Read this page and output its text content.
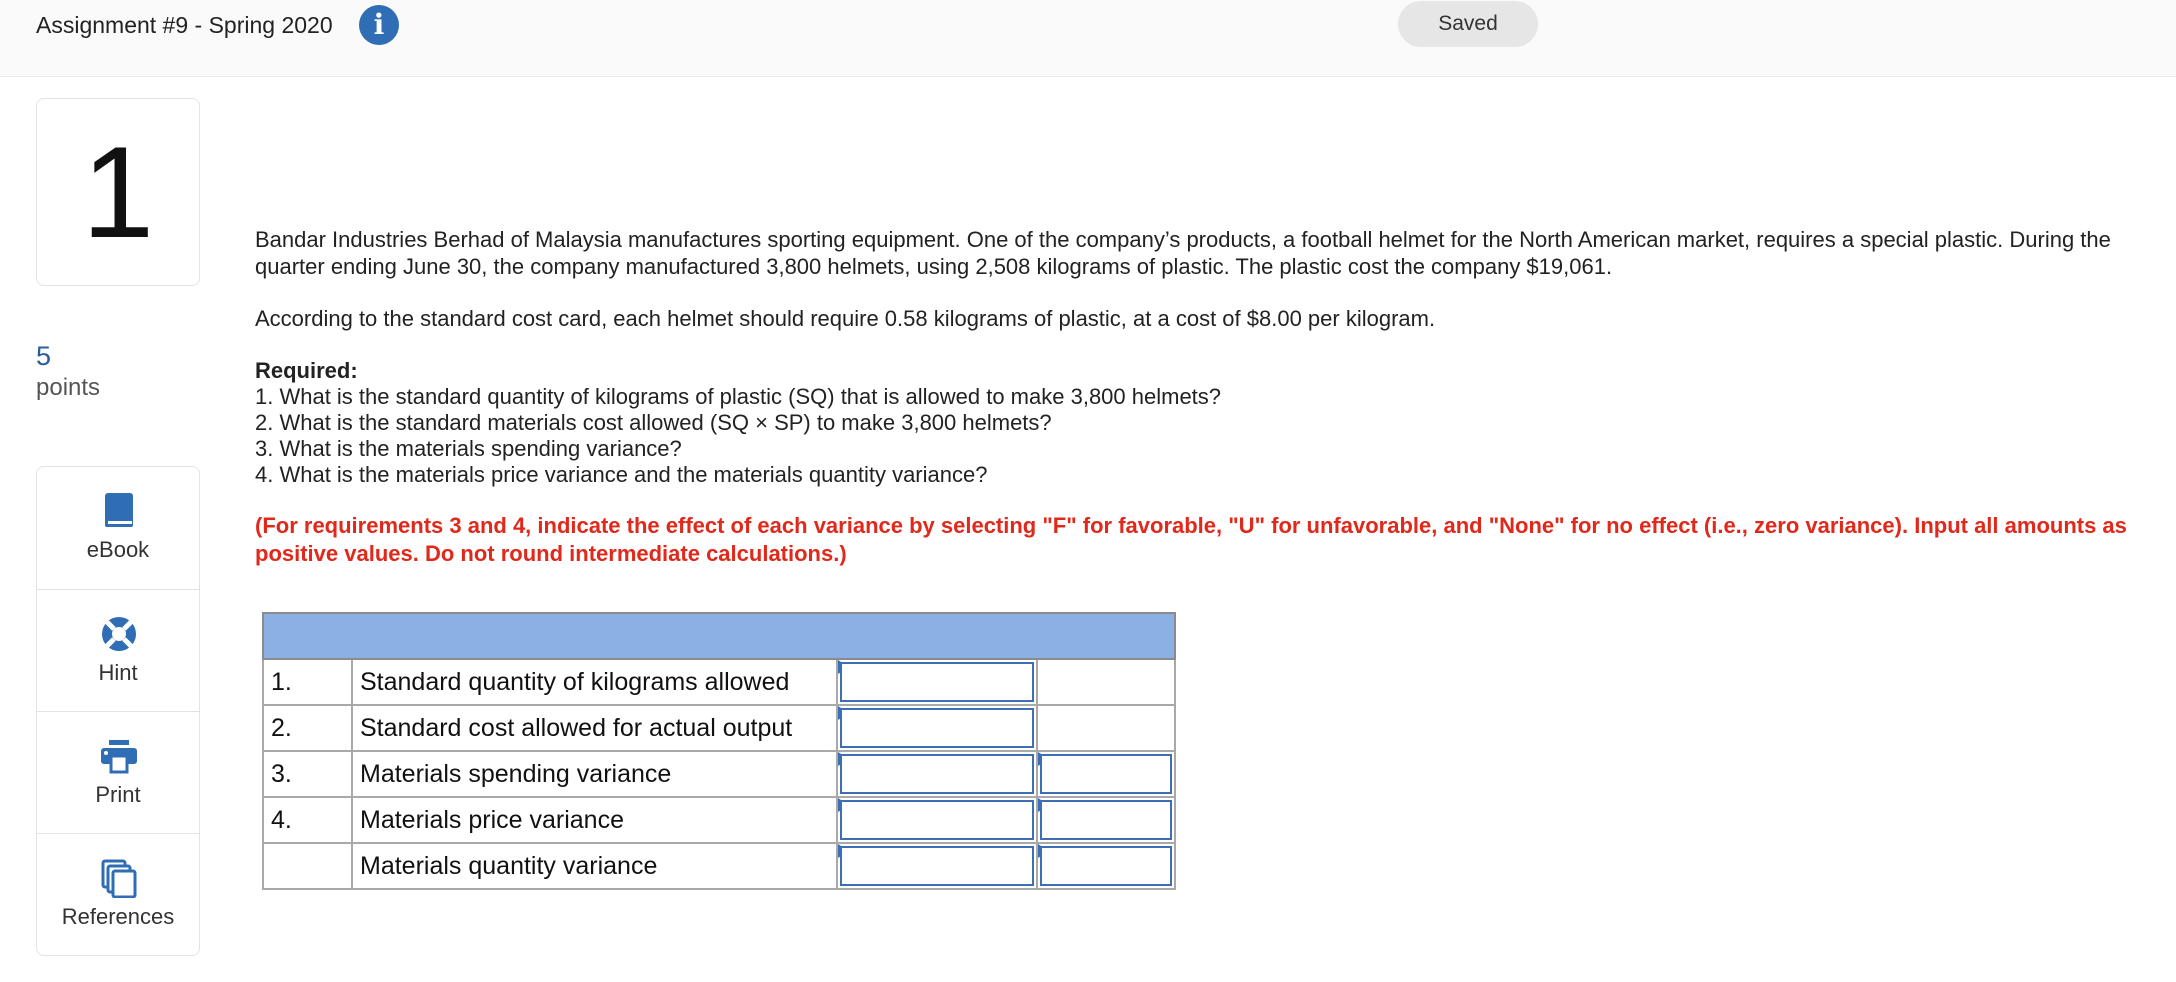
Assignment #9 - Spring 2020	i	Saved
1
5
points
eBook
Hint
Print
References

Bandar Industries Berhad of Malaysia manufactures sporting equipment. One of the company’s products, a football helmet for the North American market, requires a special plastic. During the quarter ending June 30, the company manufactured 3,800 helmets, using 2,508 kilograms of plastic. The plastic cost the company $19,061.

According to the standard cost card, each helmet should require 0.58 kilograms of plastic, at a cost of $8.00 per kilogram.

Required:
1. What is the standard quantity of kilograms of plastic (SQ) that is allowed to make 3,800 helmets?
2. What is the standard materials cost allowed (SQ × SP) to make 3,800 helmets?
3. What is the materials spending variance?
4. What is the materials price variance and the materials quantity variance?
(For requirements 3 and 4, indicate the effect of each variance by selecting "F" for favorable, "U" for unfavorable, and "None" for no effect (i.e., zero variance). Input all amounts as positive values. Do not round intermediate calculations.)

1.	Standard quantity of kilograms allowed	

2.	Standard cost allowed for actual output	

3.	Materials spending variance	

4.	Materials price variance	

	Materials quantity variance	
